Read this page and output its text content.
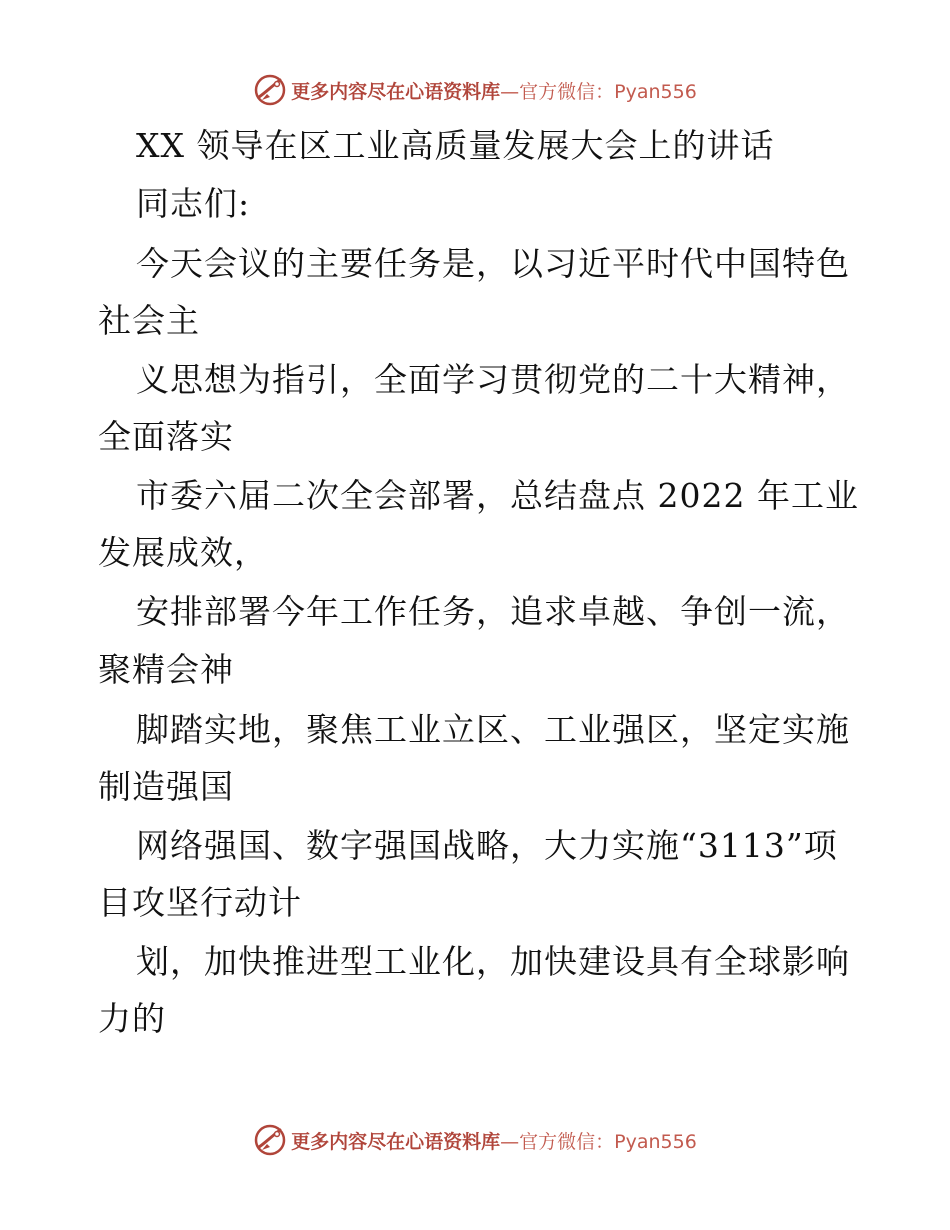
更多内容尽在心语资料库—官方微信：Pyan556
XX 领导在区工业高质量发展大会上的讲话
同志们:
今天会议的主要任务是，以习近平时代中国特色
社会主
义思想为指引，全面学习贯彻党的二十大精神，
全面落实
市委六届二次全会部署，总结盘点 2022 年工业
发展成效，
安排部署今年工作任务，追求卓越、争创一流，
聚精会神
脚踏实地，聚焦工业立区、工业强区，坚定实施
制造强国
网络强国、数字强国战略，大力实施“3113”项
目攻坚行动计
划，加快推进型工业化，加快建设具有全球影响
力的
更多内容尽在心语资料库—官方微信：Pyan556
